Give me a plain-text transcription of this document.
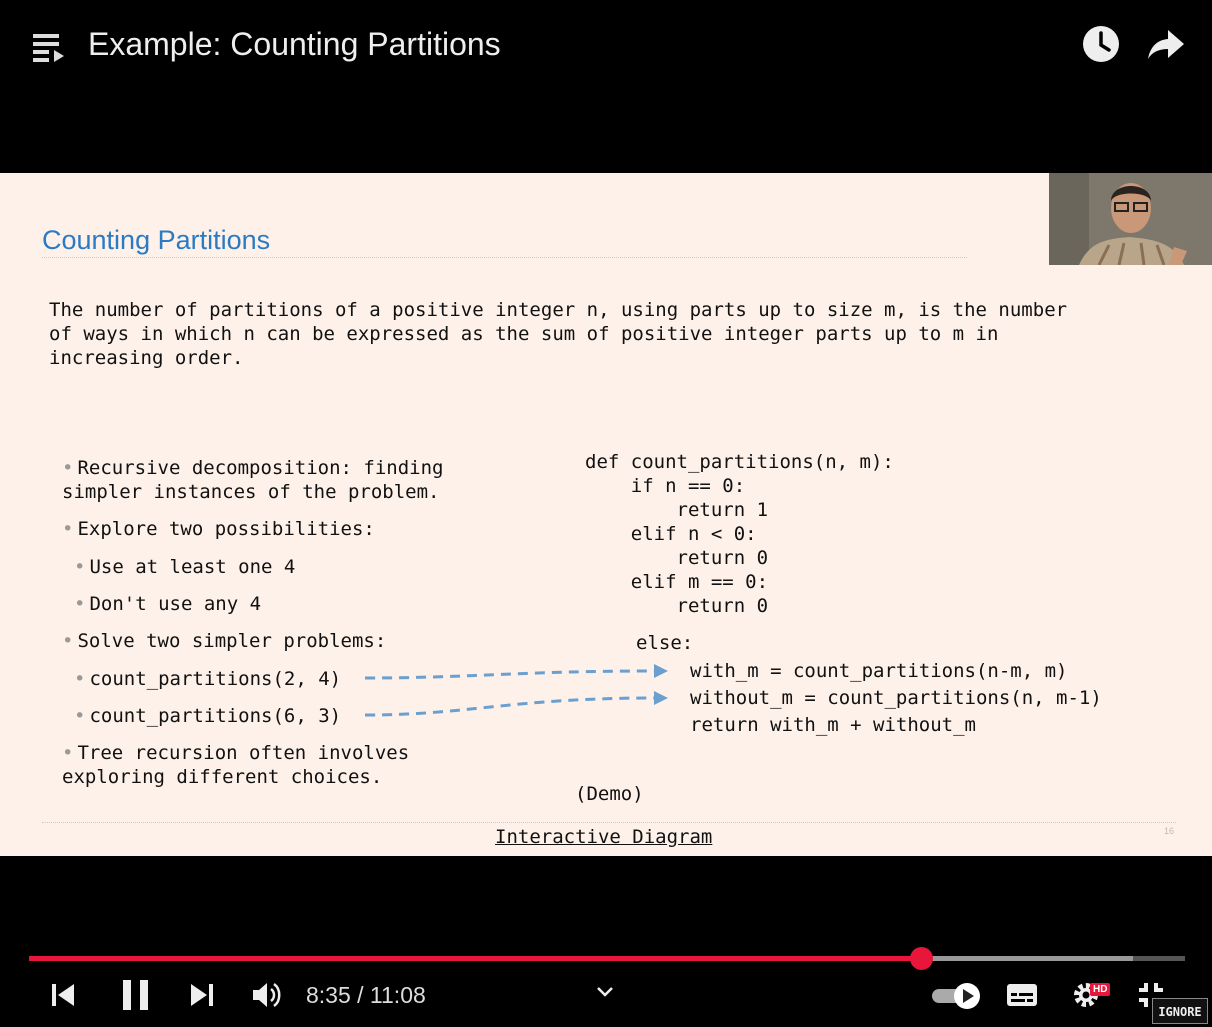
Example: Counting Partitions
Counting Partitions
The number of partitions of a positive integer n, using parts up to size m, is the number
of ways in which n can be expressed as the sum of positive integer parts up to m in
increasing order.
• Recursive decomposition: finding
simpler instances of the problem.
• Explore two possibilities:
• Use at least one 4
• Don't use any 4
• Solve two simpler problems:
• count_partitions(2, 4)
• count_partitions(6, 3)
• Tree recursion often involves
exploring different choices.
def count_partitions(n, m):
if n == 0:
return 1
elif n < 0:
return 0
elif m == 0:
return 0
else:
with_m = count_partitions(n-m, m)
without_m = count_partitions(n, m-1)
return with_m + without_m
(Demo)
Interactive Diagram	16
8:35 / 11:08	HD
IGNORE
